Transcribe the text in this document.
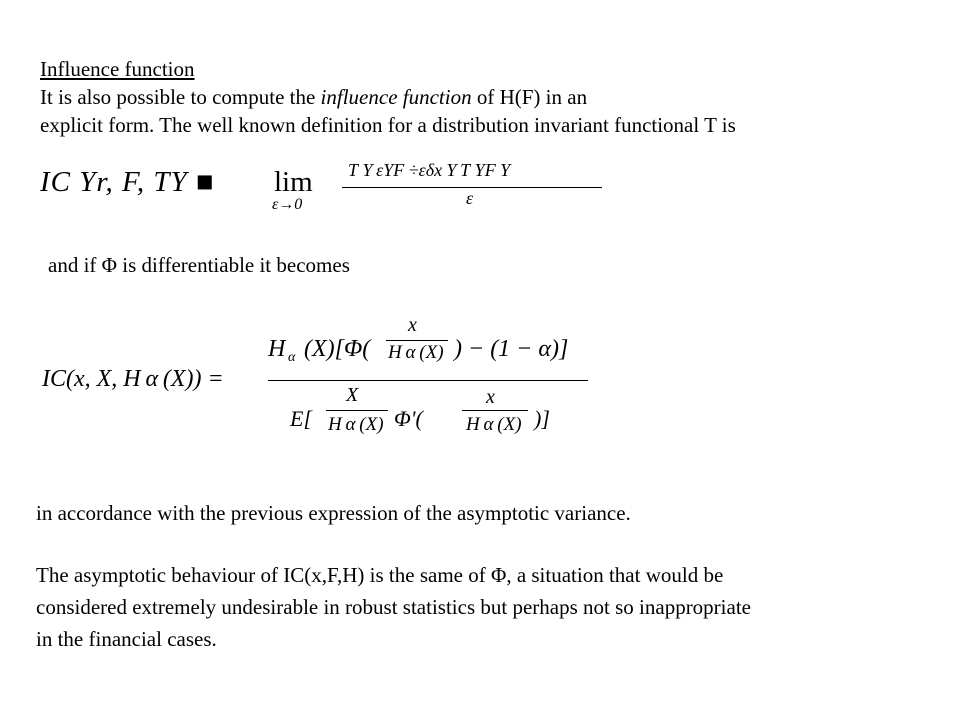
Influence function
It is also possible to compute the influence function of H(F) in an
explicit form. The well known definition for a distribution invariant functional T is
IC Yr, F, TY ■ lim
ε→0
T Y εYF ÷εδx Y T YF Y
ε
and if Φ is differentiable it becomes
IC(x, X, H α (X)) =
H α (X)[Φ(
x
H α (X) ) − (1 − α)]
E[
X
H α (X) Φ'(
x
H α (X) )]
in accordance with the previous expression of the asymptotic variance.
The asymptotic behaviour of IC(x,F,H) is the same of Φ, a situation that would be
considered extremely undesirable in robust statistics but perhaps not so inappropriate
in the financial cases.
